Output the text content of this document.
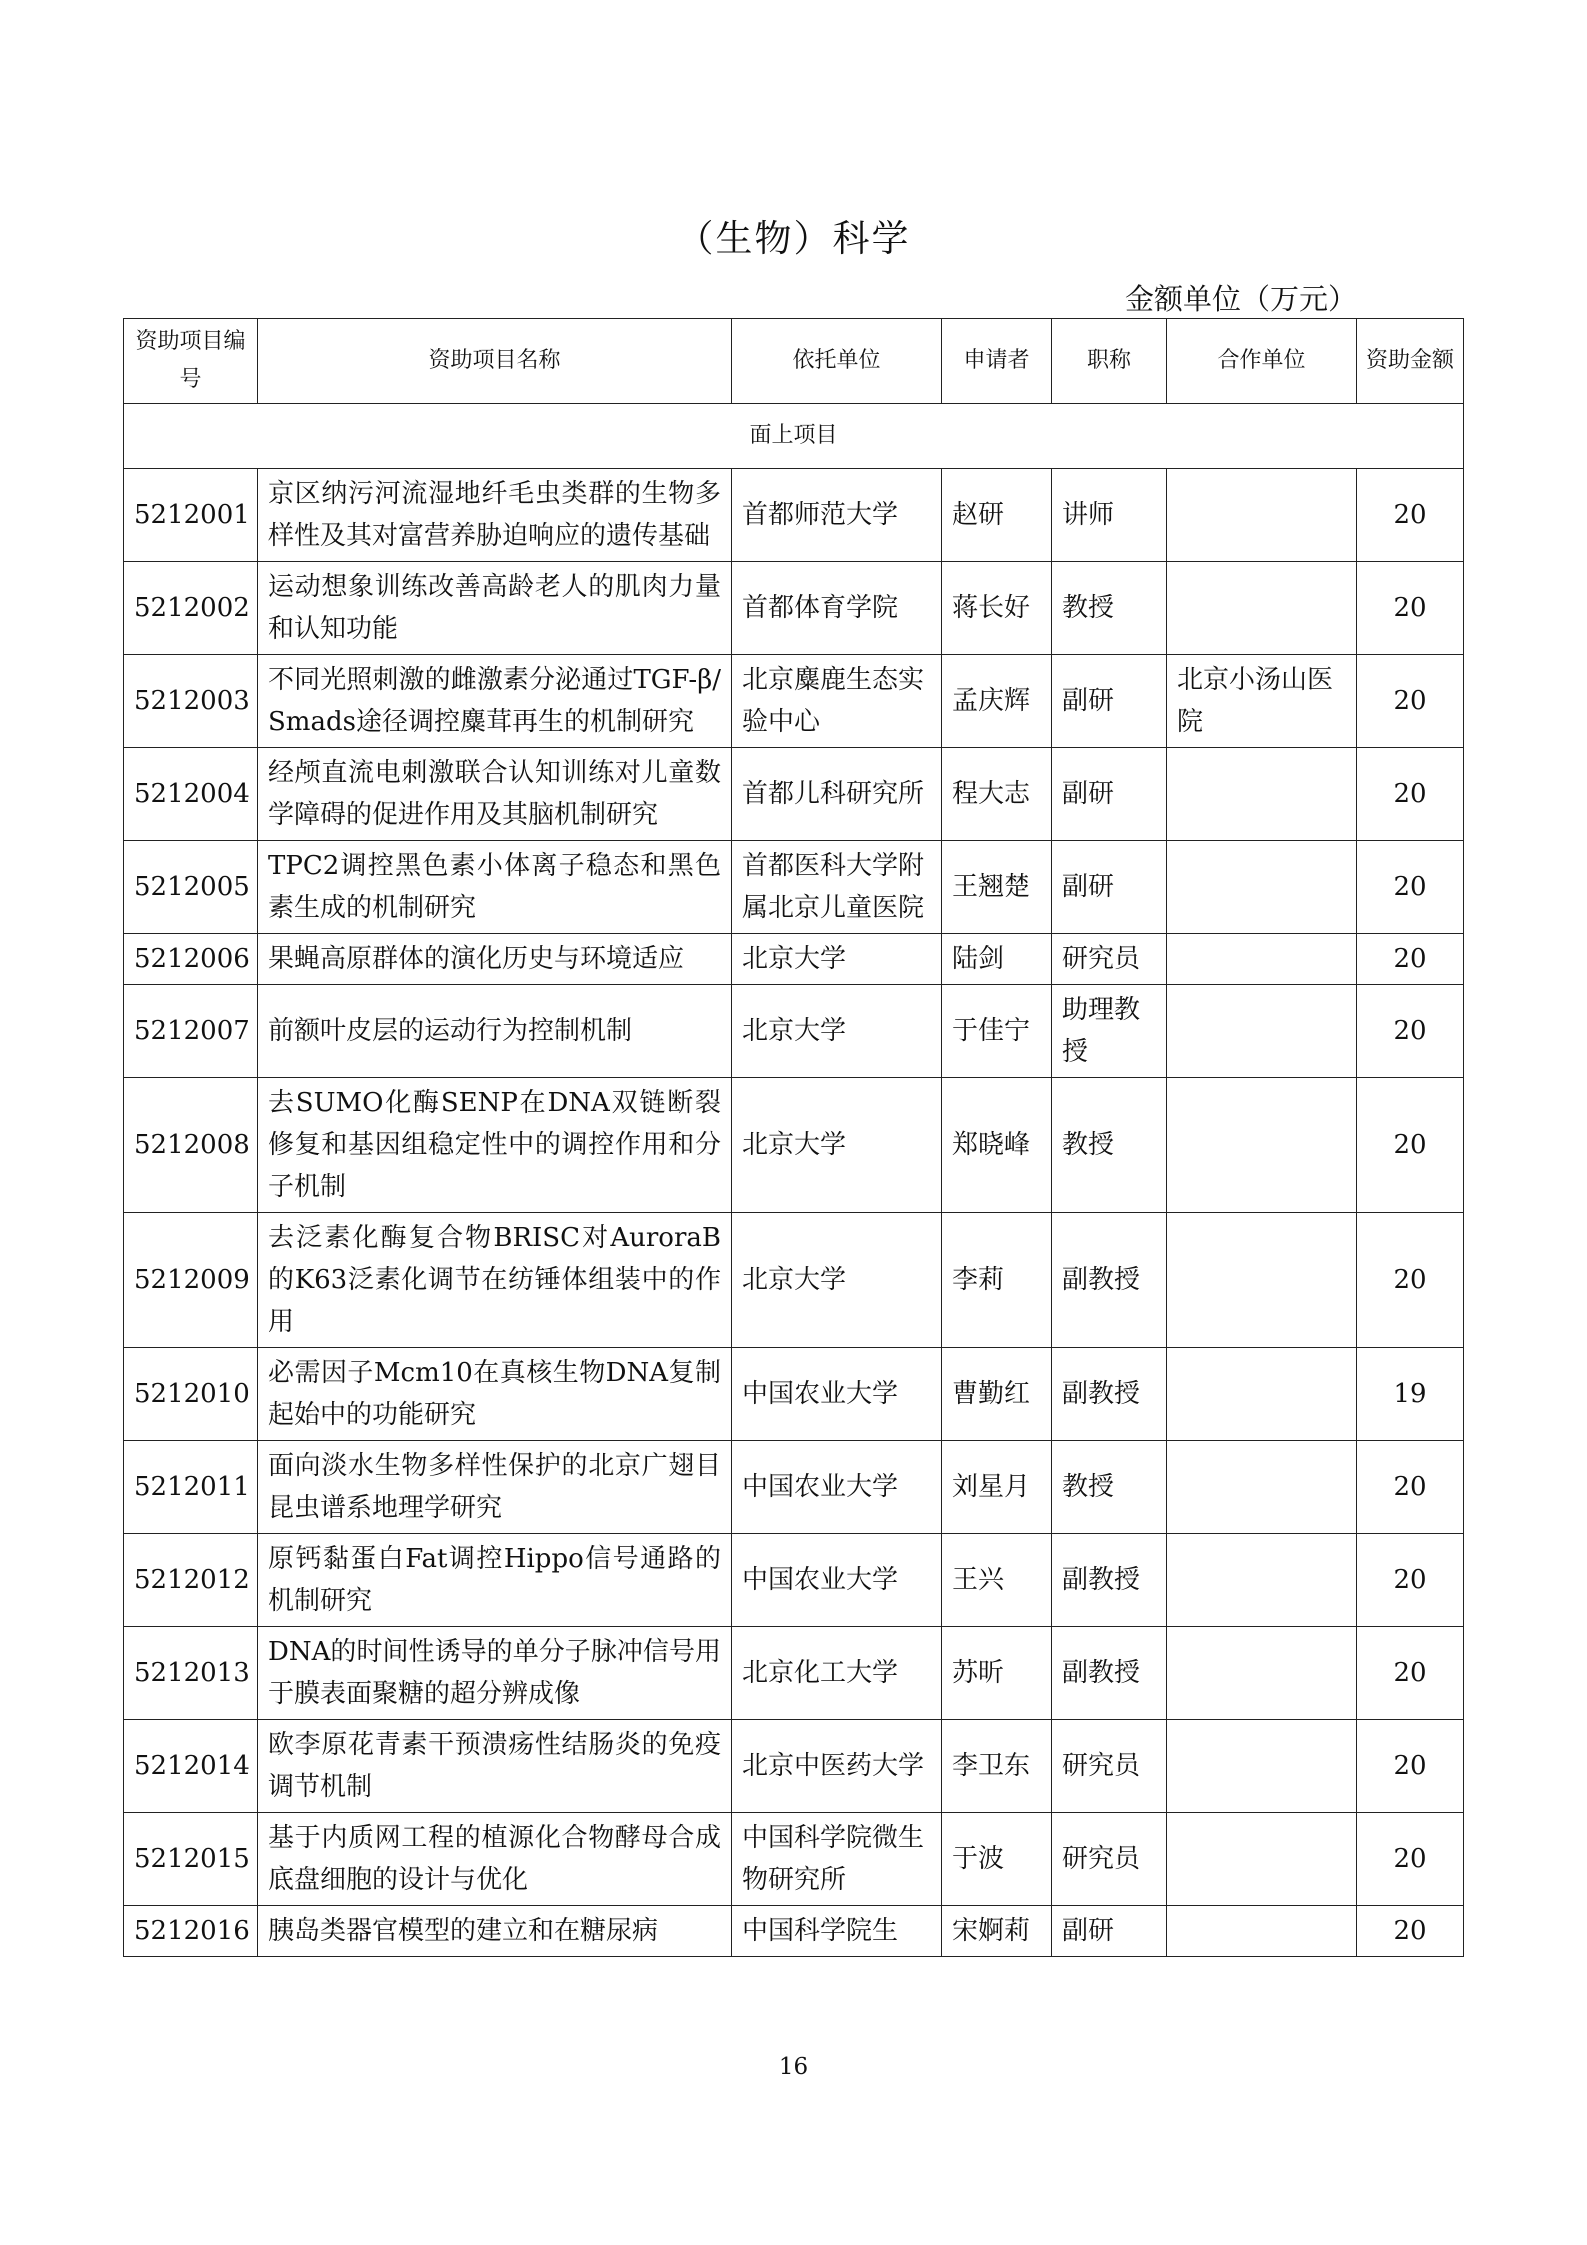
（生物）科学
金额单位（万元）
资助项目编号	资助项目名称	依托单位	申请者	职称	合作单位	资助金额
面上项目						
5212001	京区纳污河流湿地纤毛虫类群的生物多样性及其对富营养胁迫响应的遗传基础	首都师范大学	赵研	讲师		20
5212002	运动想象训练改善高龄老人的肌肉力量和认知功能	首都体育学院	蒋长好	教授		20
5212003	不同光照刺激的雌激素分泌通过TGF-β/Smads途径调控麋茸再生的机制研究	北京麋鹿生态实验中心	孟庆辉	副研	北京小汤山医院	20
5212004	经颅直流电刺激联合认知训练对儿童数学障碍的促进作用及其脑机制研究	首都儿科研究所	程大志	副研		20
5212005	TPC2调控黑色素小体离子稳态和黑色素生成的机制研究	首都医科大学附属北京儿童医院	王翘楚	副研		20
5212006	果蝇高原群体的演化历史与环境适应	北京大学	陆剑	研究员		20
5212007	前额叶皮层的运动行为控制机制	北京大学	于佳宁	助理教授		20
5212008	去SUMO化酶SENP在DNA双链断裂修复和基因组稳定性中的调控作用和分子机制	北京大学	郑晓峰	教授		20
5212009	去泛素化酶复合物BRISC对AuroraB的K63泛素化调节在纺锤体组装中的作用	北京大学	李莉	副教授		20
5212010	必需因子Mcm10在真核生物DNA复制起始中的功能研究	中国农业大学	曹勤红	副教授		19
5212011	面向淡水生物多样性保护的北京广翅目昆虫谱系地理学研究	中国农业大学	刘星月	教授		20
5212012	原钙黏蛋白Fat调控Hippo信号通路的机制研究	中国农业大学	王兴	副教授		20
5212013	DNA的时间性诱导的单分子脉冲信号用于膜表面聚糖的超分辨成像	北京化工大学	苏昕	副教授		20
5212014	欧李原花青素干预溃疡性结肠炎的免疫调节机制	北京中医药大学	李卫东	研究员		20
5212015	基于内质网工程的植源化合物酵母合成底盘细胞的设计与优化	中国科学院微生物研究所	于波	研究员		20
5212016	胰岛类器官模型的建立和在糖尿病	中国科学院生	宋婀莉	副研		20
16
